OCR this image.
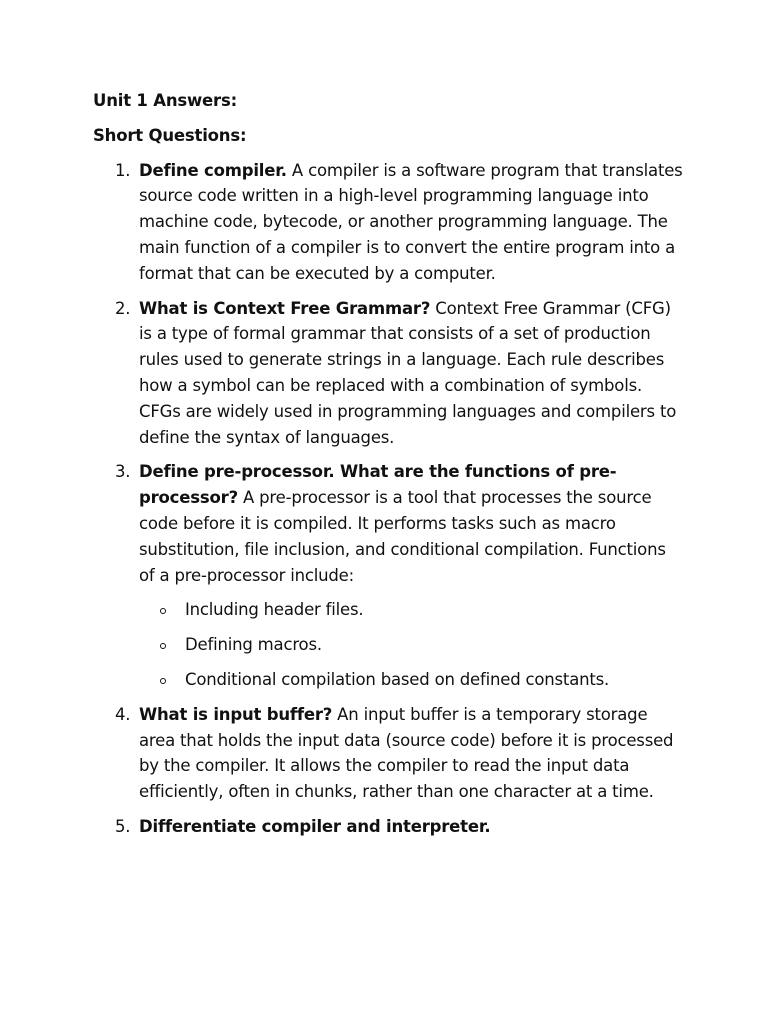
Unit 1 Answers:

Short Questions:

1. Define compiler. A compiler is a software program that translates source code written in a high-level programming language into machine code, bytecode, or another programming language. The main function of a compiler is to convert the entire program into a format that can be executed by a computer.
2. What is Context Free Grammar? Context Free Grammar (CFG) is a type of formal grammar that consists of a set of production rules used to generate strings in a language. Each rule describes how a symbol can be replaced with a combination of symbols. CFGs are widely used in programming languages and compilers to define the syntax of languages.
3. Define pre-processor. What are the functions of pre-processor? A pre-processor is a tool that processes the source code before it is compiled. It performs tasks such as macro substitution, file inclusion, and conditional compilation. Functions of a pre-processor include:
Including header files.
Defining macros.
Conditional compilation based on defined constants.
4. What is input buffer? An input buffer is a temporary storage area that holds the input data (source code) before it is processed by the compiler. It allows the compiler to read the input data efficiently, often in chunks, rather than one character at a time.
5. Differentiate compiler and interpreter.
